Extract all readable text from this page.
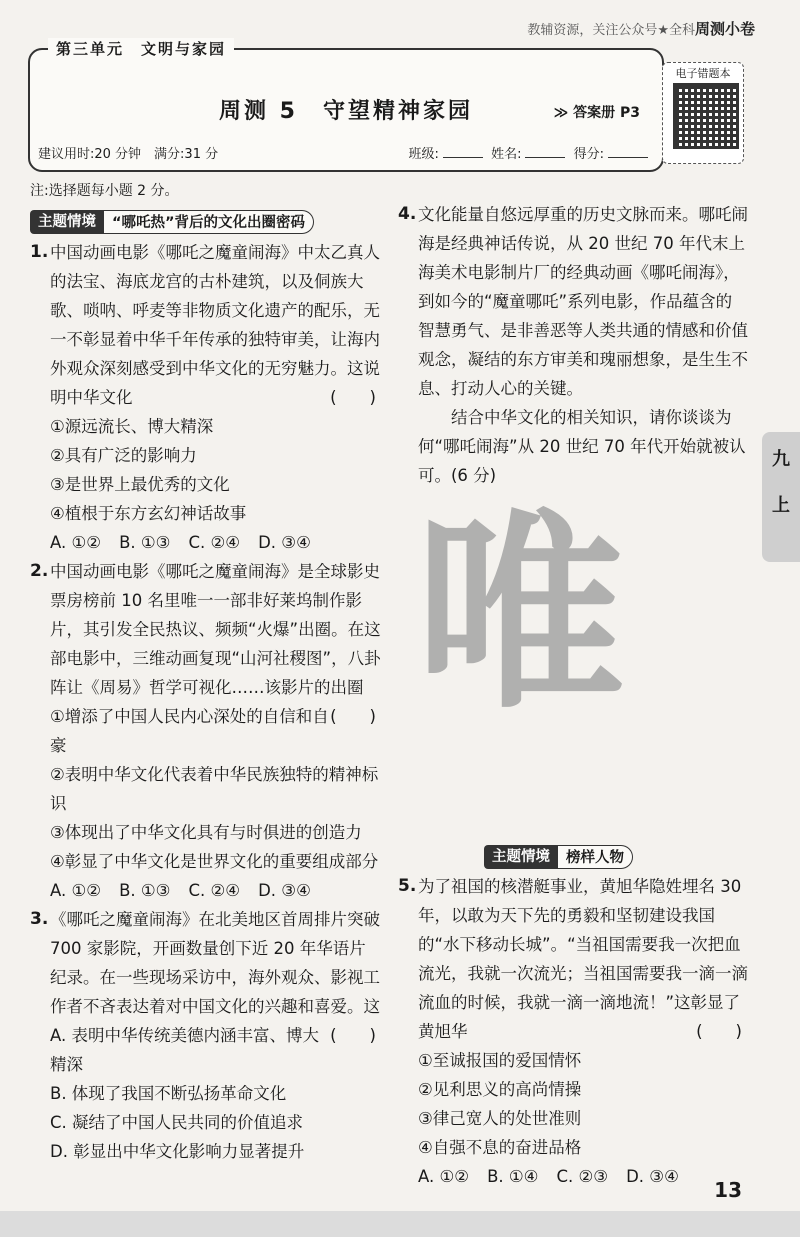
教辅资源，关注公众号★全科周测小卷
第三单元　文明与家园
周测 5　守望精神家园	≫ 答案册 P3
建议用时:20 分钟　满分:31 分	班级:	姓名:	得分:
电子错题本
注:选择题每小题 2 分。
主题情境	“哪吒热”背后的文化出圈密码
1. 中国动画电影《哪吒之魔童闹海》中太乙真人的法宝、海底龙宫的古朴建筑，以及侗族大歌、唢呐、呼麦等非物质文化遗产的配乐，无一不彰显着中华千年传承的独特审美，让海内外观众深刻感受到中华文化的无穷魅力。这说明中华文化	(　　)
①源远流长、博大精深
②具有广泛的影响力
③是世界上最优秀的文化
④植根于东方玄幻神话故事
A. ①② B. ①③ C. ②④ D. ③④
2. 中国动画电影《哪吒之魔童闹海》是全球影史票房榜前 10 名里唯一一部非好莱坞制作影片，其引发全民热议、频频“火爆”出圈。在这部电影中，三维动画复现“山河社稷图”，八卦阵让《周易》哲学可视化……该影片的出圈
(　　)
①增添了中国人民内心深处的自信和自豪
②表明中华文化代表着中华民族独特的精神标识
③体现出了中华文化具有与时俱进的创造力
④彰显了中华文化是世界文化的重要组成部分
A. ①② B. ①③ C. ②④ D. ③④
3. 《哪吒之魔童闹海》在北美地区首周排片突破 700 家影院，开画数量创下近 20 年华语片纪录。在一些现场采访中，海外观众、影视工作者不吝表达着对中国文化的兴趣和喜爱。这
(　　)
A. 表明中华传统美德内涵丰富、博大精深
B. 体现了我国不断弘扬革命文化
C. 凝结了中国人民共同的价值追求
D. 彰显出中华文化影响力显著提升
4. 文化能量自悠远厚重的历史文脉而来。哪吒闹海是经典神话传说，从 20 世纪 70 年代末上海美术电影制片厂的经典动画《哪吒闹海》，到如今的“魔童哪吒”系列电影，作品蕴含的智慧勇气、是非善恶等人类共通的情感和价值观念，凝结的东方审美和瑰丽想象，是生生不息、打动人心的关键。
结合中华文化的相关知识，请你谈谈为何“哪吒闹海”从 20 世纪 70 年代开始就被认可。(6 分)
唯
主题情境	榜样人物
5. 为了祖国的核潜艇事业，黄旭华隐姓埋名 30 年，以敢为天下先的勇毅和坚韧建设我国的“水下移动长城”。“当祖国需要我一次把血流光，我就一次流光；当祖国需要我一滴一滴流血的时候，我就一滴一滴地流！”这彰显了黄旭华	(　　)
①至诚报国的爱国情怀
②见利思义的高尚情操
③律己宽人的处世准则
④自强不息的奋进品格
A. ①② B. ①④ C. ②③ D. ③④
九
上
13
